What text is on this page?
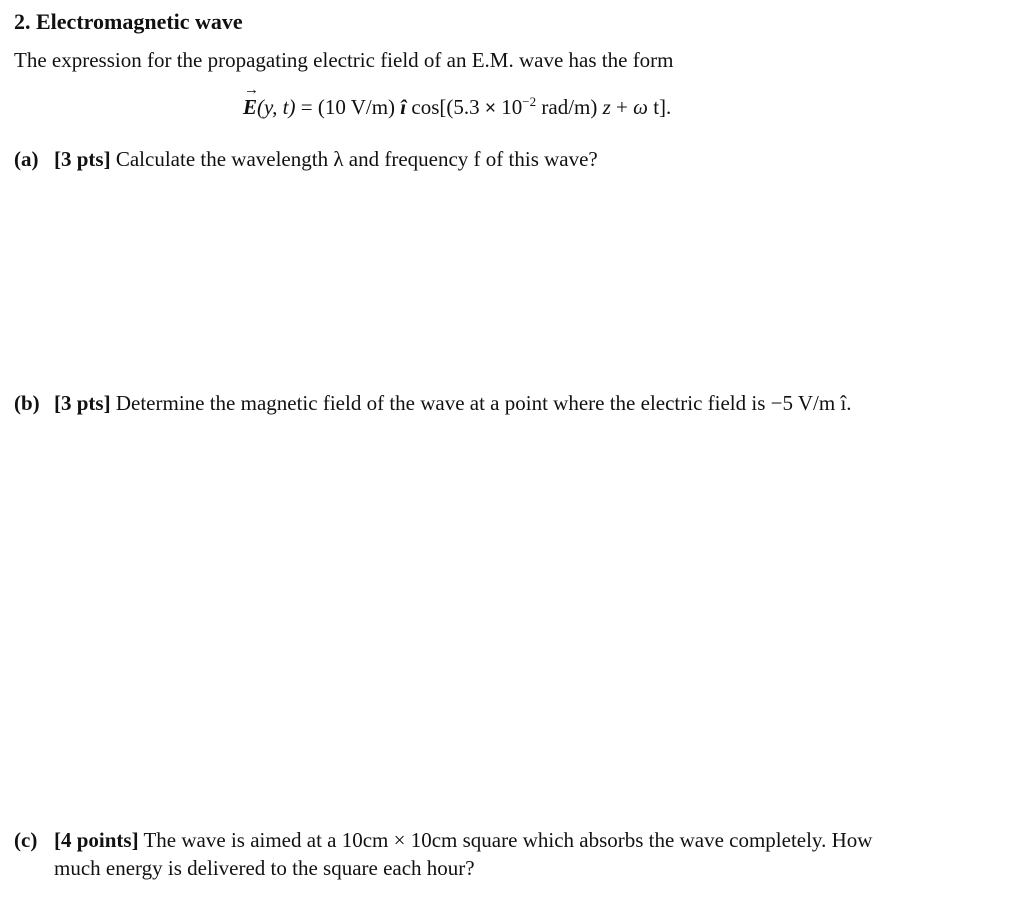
2. Electromagnetic wave

The expression for the propagating electric field of an E.M. wave has the form

E
→
(y, t) = (10 V/m) î $\cos[(5.3 \times 10^{-2}$ rad/m) z + ω t].

(a) [3 pts] Calculate the wavelength λ and frequency f of this wave?

(b) [3 pts] Determine the magnetic field of the wave at a point where the electric field is −5 V/m î.

(c) [4 points] The wave is aimed at a 10cm × 10cm square which absorbs the wave completely. How
much energy is delivered to the square each hour?
